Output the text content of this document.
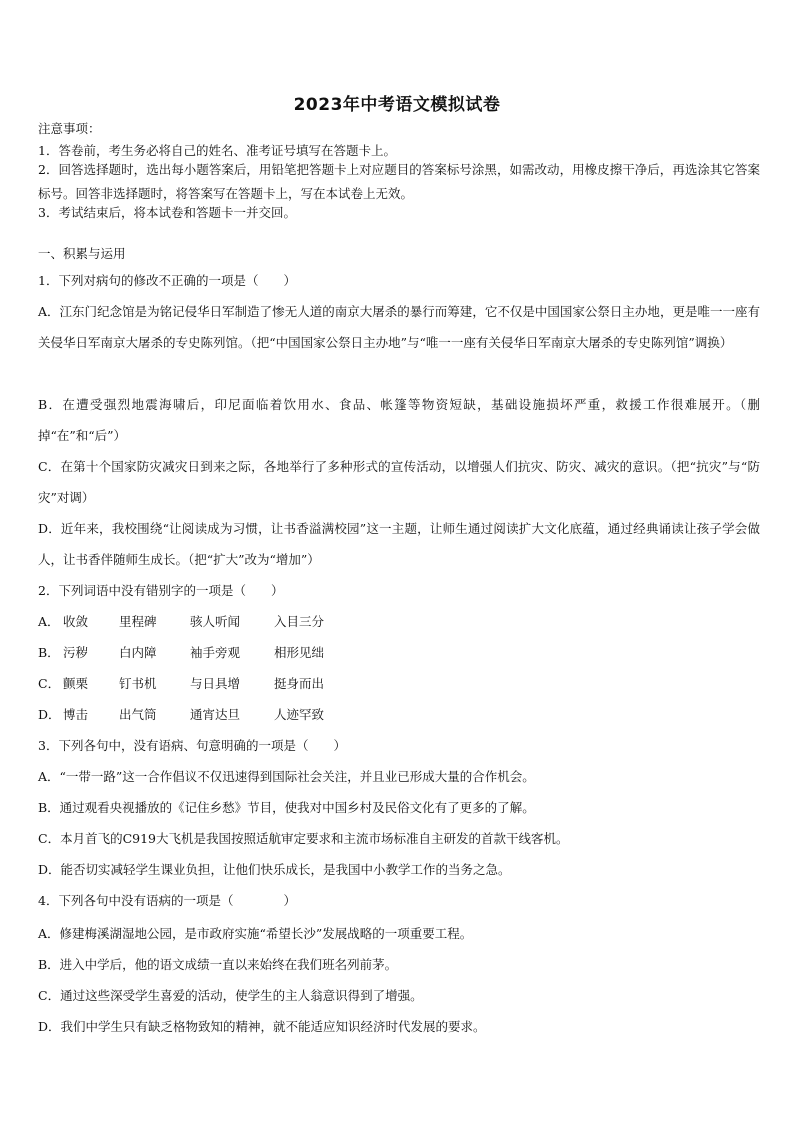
2023年中考语文模拟试卷
注意事项：
1．答卷前，考生务必将自己的姓名、准考证号填写在答题卡上。
2．回答选择题时，选出每小题答案后，用铅笔把答题卡上对应题目的答案标号涂黑，如需改动，用橡皮擦干净后，再选涂其它答案标号。回答非选择题时，将答案写在答题卡上，写在本试卷上无效。
3．考试结束后，将本试卷和答题卡一并交回。
一、积累与运用
1．下列对病句的修改不正确的一项是（　　）
A．江东门纪念馆是为铭记侵华日军制造了惨无人道的南京大屠杀的暴行而筹建，它不仅是中国国家公祭日主办地，更是唯一一座有关侵华日军南京大屠杀的专史陈列馆。（把“中国国家公祭日主办地”与“唯一一座有关侵华日军南京大屠杀的专史陈列馆”调换）
B．在遭受强烈地震海啸后，印尼面临着饮用水、食品、帐篷等物资短缺，基础设施损坏严重，救援工作很难展开。（删掉“在”和“后”）
C．在第十个国家防灾减灾日到来之际，各地举行了多种形式的宣传活动，以增强人们抗灾、防灾、减灾的意识。（把“抗灾”与“防灾”对调）
D．近年来，我校围绕“让阅读成为习惯，让书香溢满校园”这一主题，让师生通过阅读扩大文化底蕴，通过经典诵读让孩子学会做人，让书香伴随师生成长。（把“扩大”改为“增加”）
2．下列词语中没有错别字的一项是（　　）
A． 收敛	里程碑	骇人听闻	入目三分
B． 污秽	白内障	袖手旁观	相形见绌
C． 颤栗	钉书机	与日具增	挺身而出
D． 博击	出气筒	通宵达旦	人迹罕致
3．下列各句中，没有语病、句意明确的一项是（　　）
A．“一带一路”这一合作倡议不仅迅速得到国际社会关注，并且业已形成大量的合作机会。
B．通过观看央视播放的《记住乡愁》节目，使我对中国乡村及民俗文化有了更多的了解。
C．本月首飞的C919大飞机是我国按照适航审定要求和主流市场标准自主研发的首款干线客机。
D．能否切实减轻学生课业负担，让他们快乐成长，是我国中小教学工作的当务之急。
4．下列各句中没有语病的一项是（　　　　）
A．修建梅溪湖湿地公园，是市政府实施“希望长沙”发展战略的一项重要工程。
B．进入中学后，他的语文成绩一直以来始终在我们班名列前茅。
C．通过这些深受学生喜爱的活动，使学生的主人翁意识得到了增强。
D．我们中学生只有缺乏格物致知的精神，就不能适应知识经济时代发展的要求。
